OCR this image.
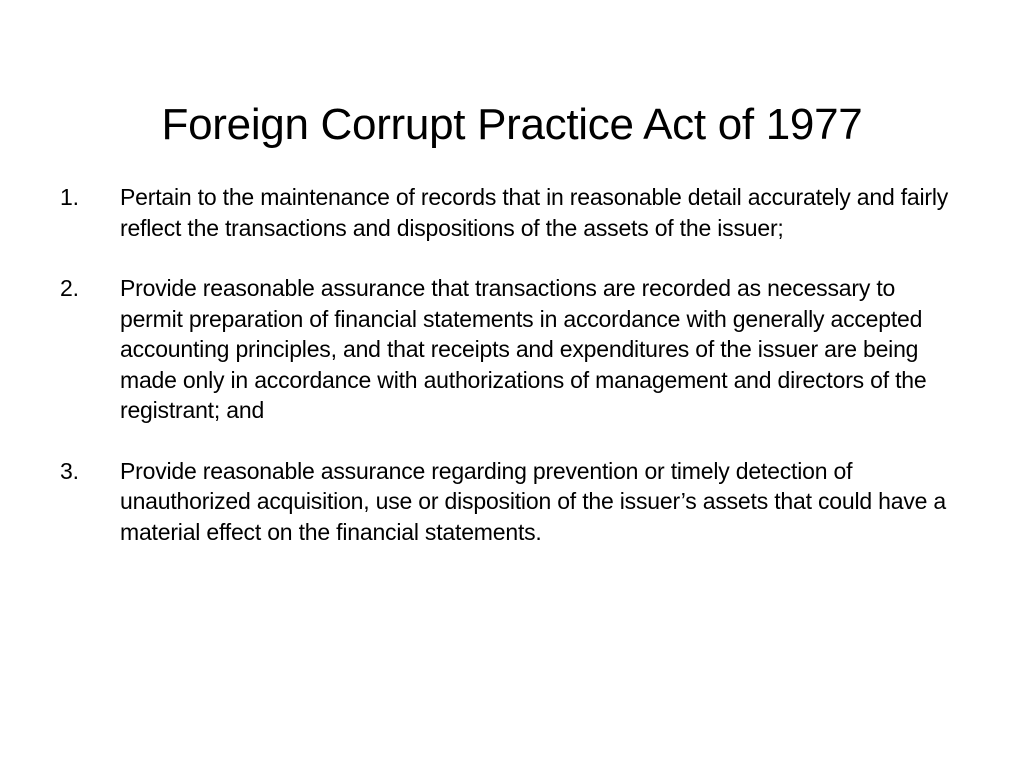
Foreign Corrupt Practice Act of 1977
1.	Pertain to the maintenance of records that in reasonable detail accurately and fairly reflect the transactions and dispositions of the assets of the issuer;
2.	Provide reasonable assurance that transactions are recorded as necessary to permit preparation of financial statements in accordance with generally accepted accounting principles, and that receipts and expenditures of the issuer are being made only in accordance with authorizations of management and directors of the registrant; and
3.	Provide reasonable assurance regarding prevention or timely detection of unauthorized acquisition, use or disposition of the issuer’s assets that could have a material effect on the financial statements.
